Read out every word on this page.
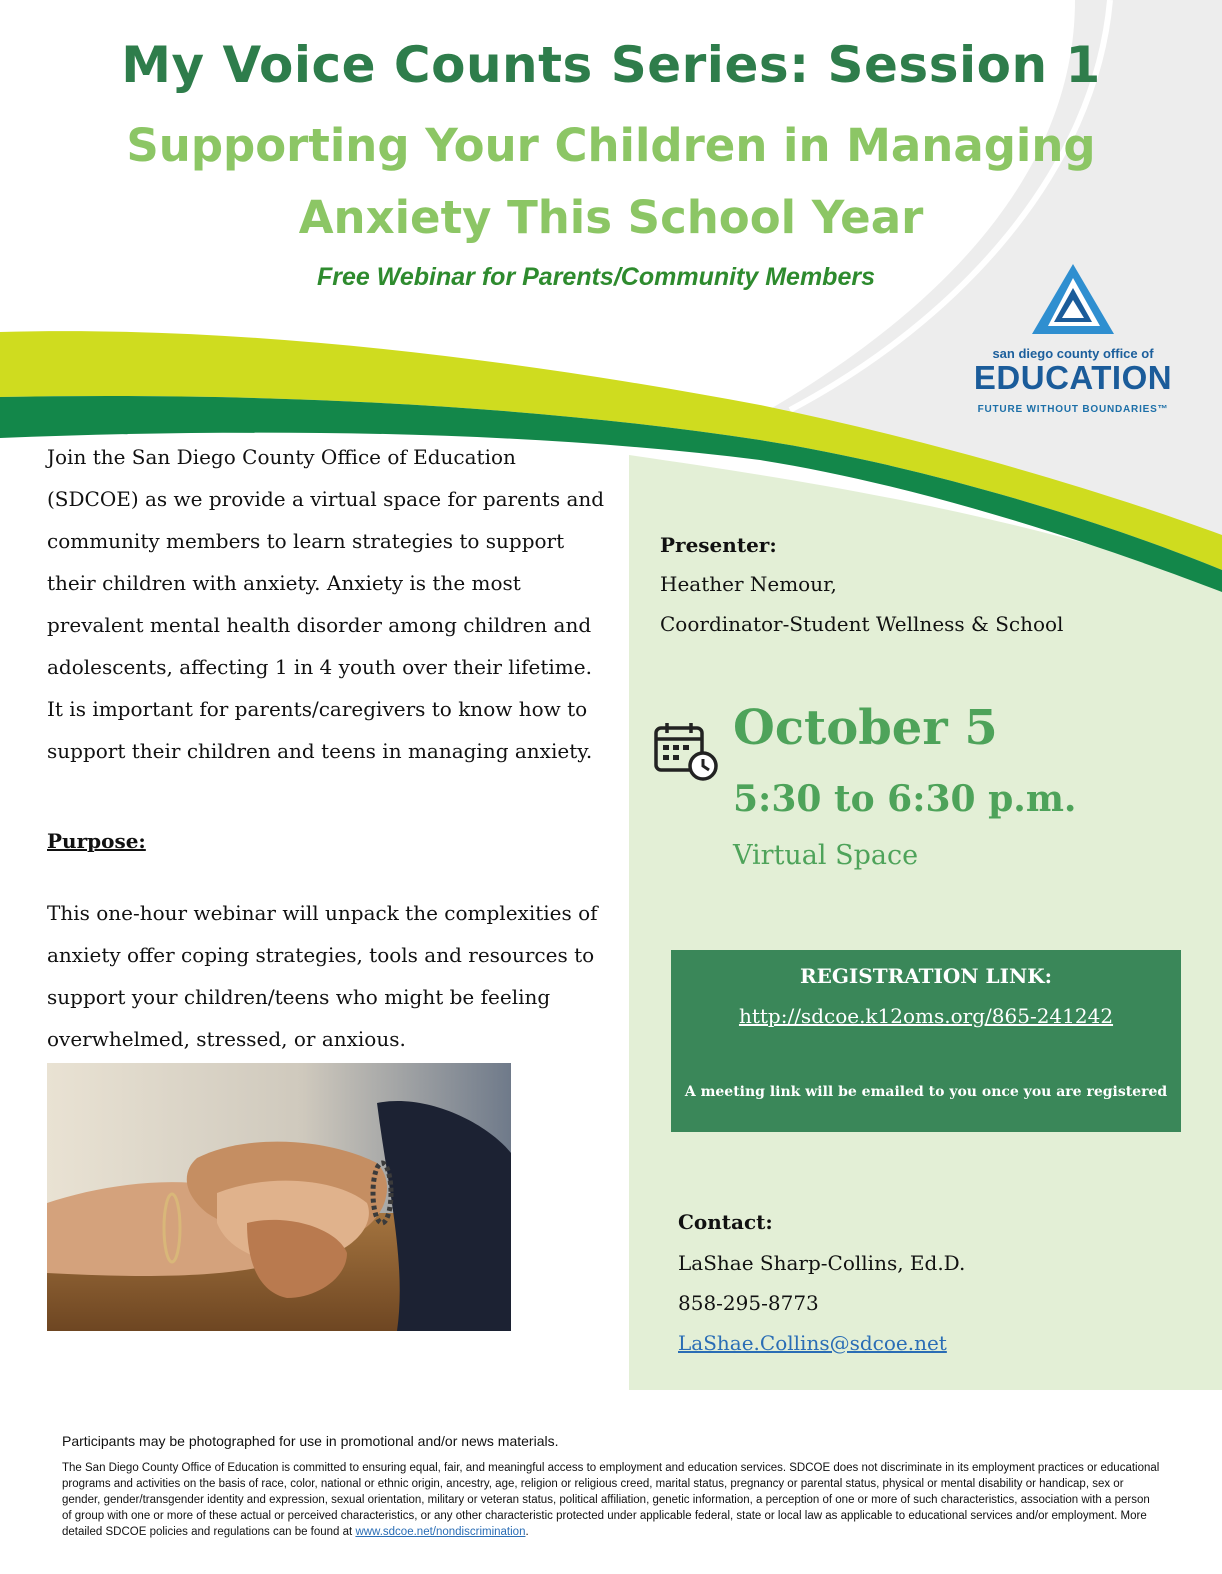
My Voice Counts Series: Session 1
Supporting Your Children in Managing
Anxiety This School Year
Free Webinar for Parents/Community Members
san diego county office of
EDUCATION
FUTURE WITHOUT BOUNDARIES™
Join the San Diego County Office of Education (SDCOE) as we provide a virtual space for parents and community members to learn strategies to support their children with anxiety. Anxiety is the most prevalent mental health disorder among children and adolescents, affecting 1 in 4 youth over their lifetime. It is important for parents/caregivers to know how to support their children and teens in managing anxiety.
Purpose:
This one-hour webinar will unpack the complexities of anxiety offer coping strategies, tools and resources to support your children/teens who might be feeling overwhelmed, stressed, or anxious.
Presenter:
Heather Nemour,
Coordinator-Student Wellness & School
October 5
5:30 to 6:30 p.m.
Virtual Space
REGISTRATION LINK:
http://sdcoe.k12oms.org/865-241242
A meeting link will be emailed to you once you are registered
Contact:
LaShae Sharp-Collins, Ed.D.
858-295-8773
LaShae.Collins@sdcoe.net
Participants may be photographed for use in promotional and/or news materials.
The San Diego County Office of Education is committed to ensuring equal, fair, and meaningful access to employment and education services. SDCOE does not discriminate in its employment practices or educational programs and activities on the basis of race, color, national or ethnic origin, ancestry, age, religion or religious creed, marital status, pregnancy or parental status, physical or mental disability or handicap, sex or gender, gender/transgender identity and expression, sexual orientation, military or veteran status, political affiliation, genetic information, a perception of one or more of such characteristics, association with a person of group with one or more of these actual or perceived characteristics, or any other characteristic protected under applicable federal, state or local law as applicable to educational services and/or employment. More detailed SDCOE policies and regulations can be found at www.sdcoe.net/nondiscrimination.
